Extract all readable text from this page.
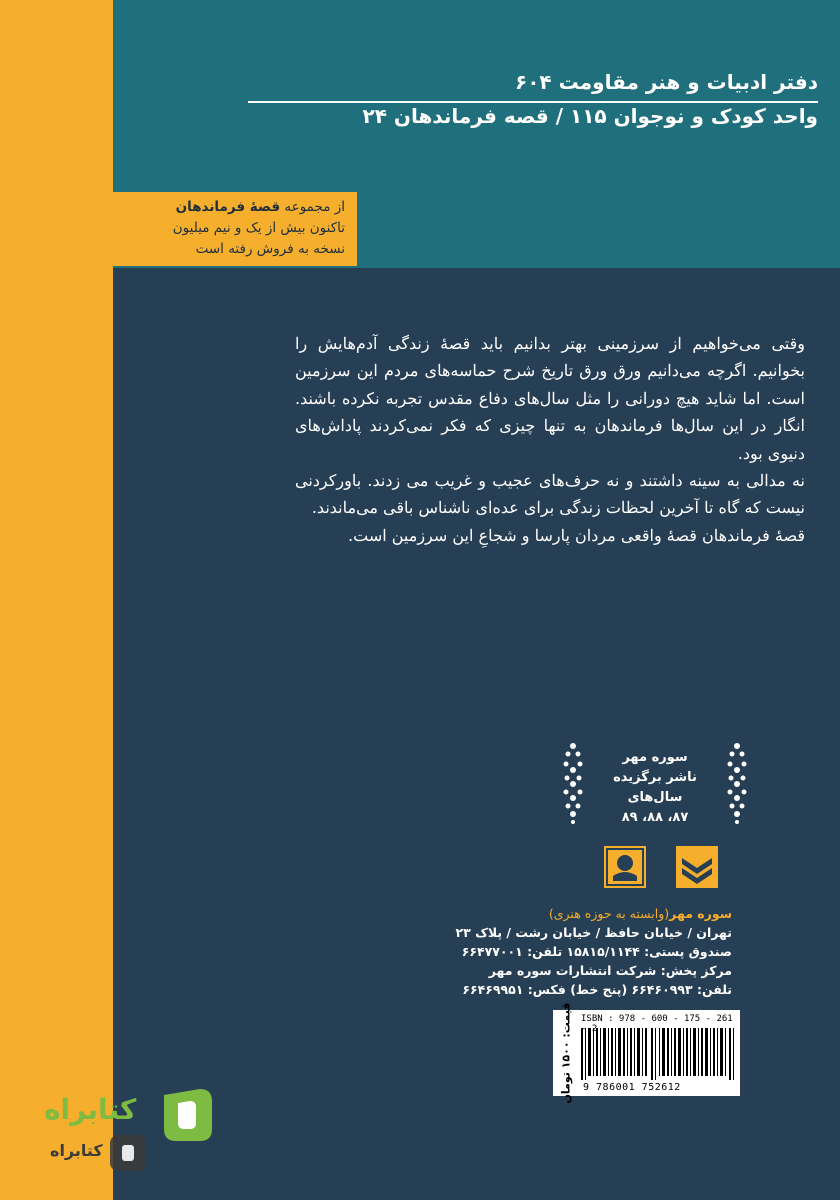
دفتر ادبیات و هنر مقاومت ۶۰۴
واحد کودک و نوجوان ۱۱۵ / قصه فرماندهان ۲۴
از مجموعه قصهٔ فرماندهان
تاکنون بیش از یک و نیم میلیون
نسخه به فروش رفته است

وقتی می‌خواهیم از سرزمینی بهتر بدانیم باید قصهٔ زندگی آدم‌هایش را بخوانیم. اگرچه می‌دانیم ورق ورق تاریخ شرح حماسه‌های مردم این سرزمین است. اما شاید هیچ دورانی را مثل سال‌های دفاع مقدس تجربه نکرده باشند. انگار در این سال‌ها فرماندهان به تنها چیزی که فکر نمی‌کردند پاداش‌های دنیوی بود.

نه مدالی به سینه داشتند و نه حرف‌های عجیب و غریب می زدند. باورکردنی نیست که گاه تا آخرین لحظات زندگی برای عده‌ای ناشناس باقی می‌ماندند.

قصهٔ فرماندهان قصهٔ واقعی مردان پارسا و شجاعِ این سرزمین است.

سوره مهر
ناشر برگزیده سال‌های
۸۷، ۸۸، ۸۹
سوره مهر(وابسته به حوزه هنری)
تهران / خیابان حافظ / خیابان رشت / پلاک ۲۳
صندوق پستی: ۱۵۸۱۵/۱۱۴۴ تلفن: ۶۶۴۷۷۰۰۱
مرکز پخش: شرکت انتشارات سوره مهر
تلفن: ۶۶۴۶۰۹۹۳ (پنج خط) فکس: ۶۶۴۶۹۹۵۱
قیمت: ۱۵۰۰ تومان ISBN : 978 - 600 - 175 - 261 - 2
9 786001 752612
کتابراه
کتابراه
